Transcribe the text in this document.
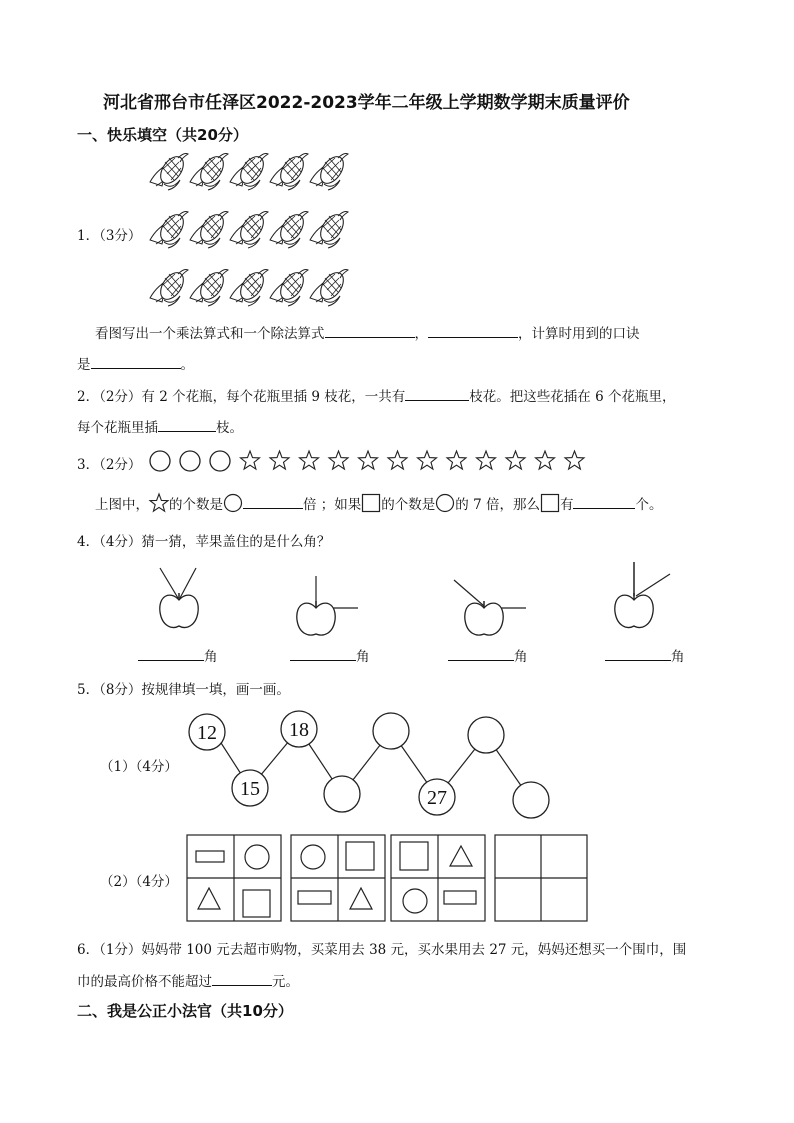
河北省邢台市任泽区2022-2023学年二年级上学期数学期末质量评价
一、快乐填空（共20分）
1．（3分）
看图写出一个乘法算式和一个除法算式	，	，计算时用到的口诀
是	。
2．（2分）有 2 个花瓶，每个花瓶里插 9 枝花，一共有	枝花。把这些花插在 6 个花瓶里，
每个花瓶里插	枝。
3．（2分）
上图中， 的个数是	倍 ；如果 的个数是 的 7 倍，那么 有	个。
4．（4分）猜一猜，苹果盖住的是什么角？
角	角	角	角
5．（8分）按规律填一填，画一画。
（1）（4分）
12	18
15	27
（2）（4分）
6．（1分）妈妈带 100 元去超市购物，买菜用去 38 元，买水果用去 27 元，妈妈还想买一个围巾，围
巾的最高价格不能超过	元。
二、我是公正小法官（共10分）
